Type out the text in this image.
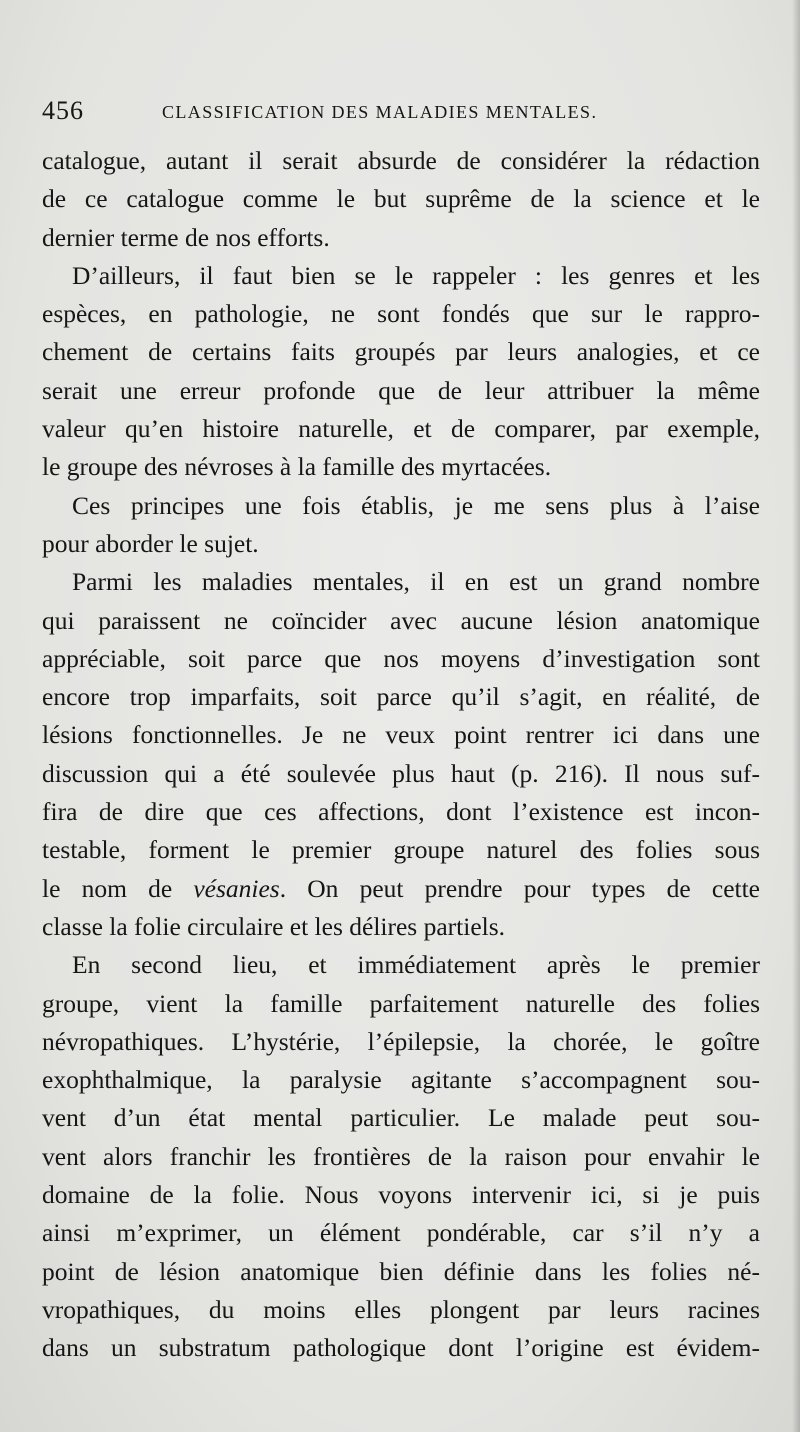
456	CLASSIFICATION DES MALADIES MENTALES.
catalogue, autant il serait absurde de considérer la rédaction
de ce catalogue comme le but suprême de la science et le
dernier terme de nos efforts.
D’ailleurs, il faut bien se le rappeler : les genres et les
espèces, en pathologie, ne sont fondés que sur le rappro-
chement de certains faits groupés par leurs analogies, et ce
serait une erreur profonde que de leur attribuer la même
valeur qu’en histoire naturelle, et de comparer, par exemple,
le groupe des névroses à la famille des myrtacées.
Ces principes une fois établis, je me sens plus à l’aise
pour aborder le sujet.
Parmi les maladies mentales, il en est un grand nombre
qui paraissent ne coïncider avec aucune lésion anatomique
appréciable, soit parce que nos moyens d’investigation sont
encore trop imparfaits, soit parce qu’il s’agit, en réalité, de
lésions fonctionnelles. Je ne veux point rentrer ici dans une
discussion qui a été soulevée plus haut (p. 216). Il nous suf-
fira de dire que ces affections, dont l’existence est incon-
testable, forment le premier groupe naturel des folies sous
le nom de vésanies. On peut prendre pour types de cette
classe la folie circulaire et les délires partiels.
En second lieu, et immédiatement après le premier
groupe, vient la famille parfaitement naturelle des folies
névropathiques. L’hystérie, l’épilepsie, la chorée, le goître
exophthalmique, la paralysie agitante s’accompagnent sou-
vent d’un état mental particulier. Le malade peut sou-
vent alors franchir les frontières de la raison pour envahir le
domaine de la folie. Nous voyons intervenir ici, si je puis
ainsi m’exprimer, un élément pondérable, car s’il n’y a
point de lésion anatomique bien définie dans les folies né-
vropathiques, du moins elles plongent par leurs racines
dans un substratum pathologique dont l’origine est évidem-
